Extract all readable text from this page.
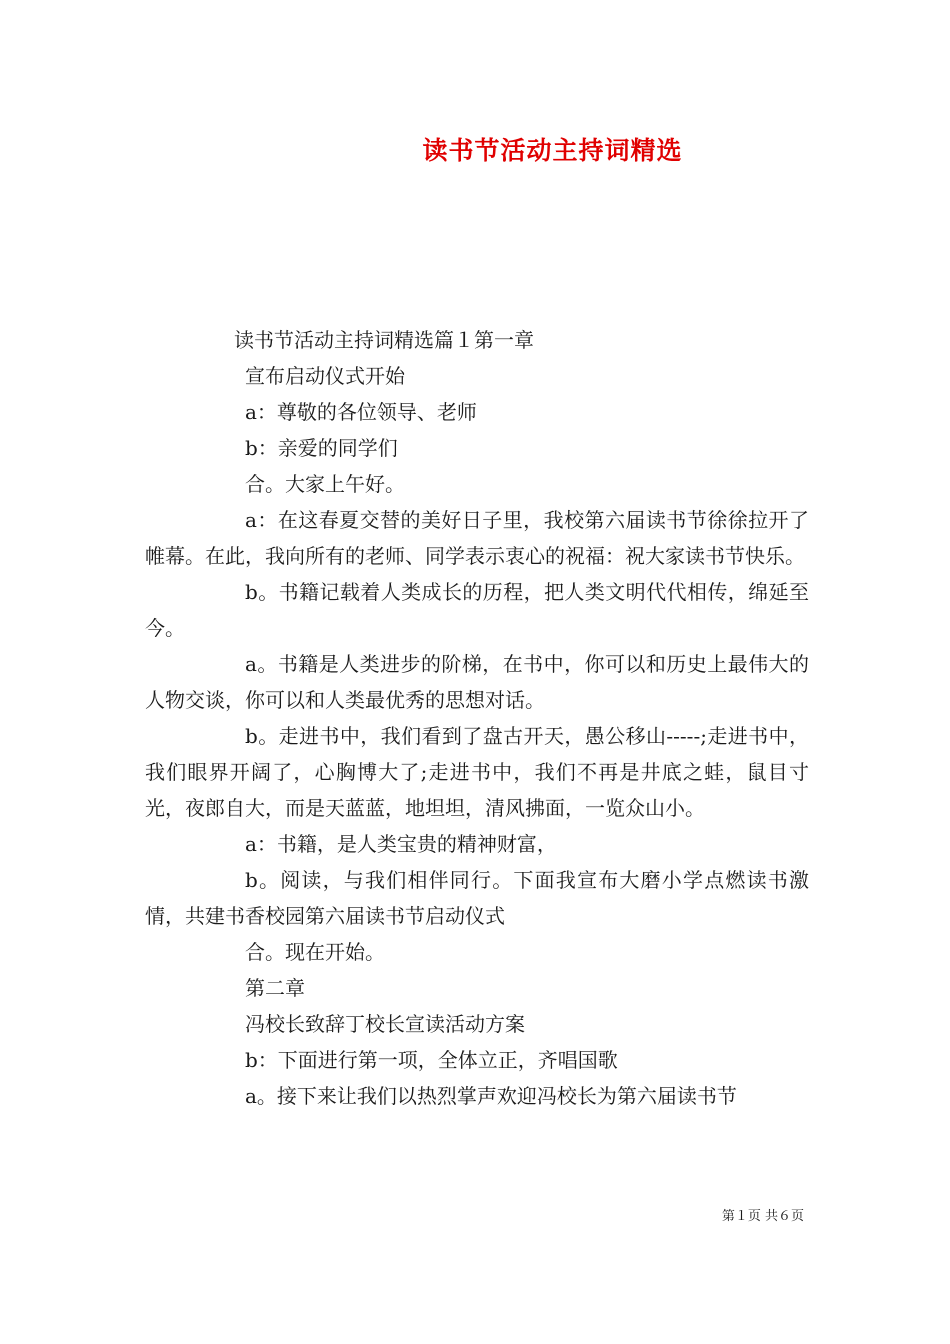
读书节活动主持词精选

读书节活动主持词精选篇１第一章

宣布启动仪式开始

a：尊敬的各位领导、老师

b：亲爱的同学们

合。大家上午好。

a：在这春夏交替的美好日子里，我校第六届读书节徐徐拉开了帷幕。在此，我向所有的老师、同学表示衷心的祝福：祝大家读书节快乐。

b。书籍记载着人类成长的历程，把人类文明代代相传，绵延至今。

a。书籍是人类进步的阶梯，在书中，你可以和历史上最伟大的人物交谈，你可以和人类最优秀的思想对话。

b。走进书中，我们看到了盘古开天，愚公移山-----;走进书中，我们眼界开阔了，心胸博大了;走进书中，我们不再是井底之蛙，鼠目寸光，夜郎自大，而是天蓝蓝，地坦坦，清风拂面，一览众山小。

a：书籍，是人类宝贵的精神财富，

b。阅读，与我们相伴同行。下面我宣布大磨小学点燃读书激情，共建书香校园第六届读书节启动仪式

合。现在开始。

第二章

冯校长致辞丁校长宣读活动方案

b：下面进行第一项，全体立正，齐唱国歌

a。接下来让我们以热烈掌声欢迎冯校长为第六届读书节

第１页 共６页
